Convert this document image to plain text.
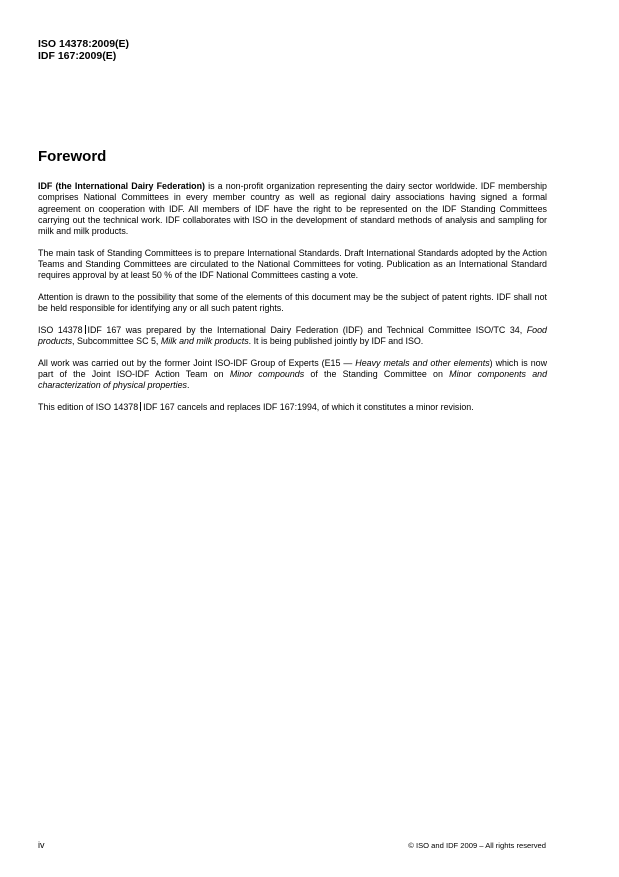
ISO 14378:2009(E)
IDF 167:2009(E)
Foreword

IDF (the International Dairy Federation) is a non-profit organization representing the dairy sector worldwide. IDF membership comprises National Committees in every member country as well as regional dairy associations having signed a formal agreement on cooperation with IDF. All members of IDF have the right to be represented on the IDF Standing Committees carrying out the technical work. IDF collaborates with ISO in the development of standard methods of analysis and sampling for milk and milk products.

The main task of Standing Committees is to prepare International Standards. Draft International Standards adopted by the Action Teams and Standing Committees are circulated to the National Committees for voting. Publication as an International Standard requires approval by at least 50 % of the IDF National Committees casting a vote.

Attention is drawn to the possibility that some of the elements of this document may be the subject of patent rights. IDF shall not be held responsible for identifying any or all such patent rights.

ISO 14378 IDF 167 was prepared by the International Dairy Federation (IDF) and Technical Committee ISO/TC 34, Food products, Subcommittee SC 5, Milk and milk products. It is being published jointly by IDF and ISO.

All work was carried out by the former Joint ISO-IDF Group of Experts (E15 — Heavy metals and other elements) which is now part of the Joint ISO-IDF Action Team on Minor compounds of the Standing Committee on Minor components and characterization of physical properties.

This edition of ISO 14378 IDF 167 cancels and replaces IDF 167:1994, of which it constitutes a minor revision.

iv	© ISO and IDF 2009 – All rights reserved
